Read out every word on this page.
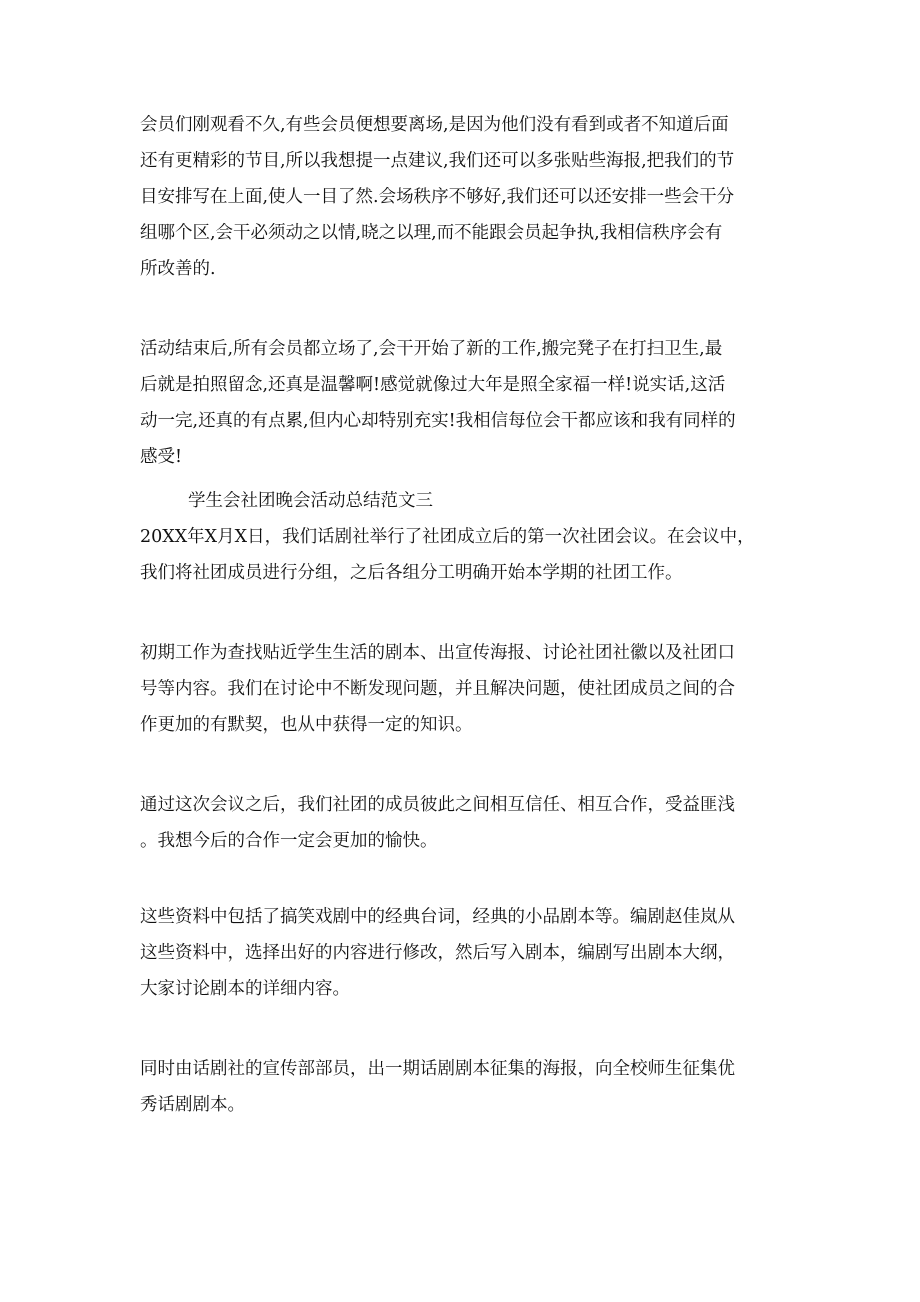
会员们刚观看不久,有些会员便想要离场,是因为他们没有看到或者不知道后面
还有更精彩的节目,所以我想提一点建议,我们还可以多张贴些海报,把我们的节
目安排写在上面,使人一目了然.会场秩序不够好,我们还可以还安排一些会干分
组哪个区,会干必须动之以情,晓之以理,而不能跟会员起争执,我相信秩序会有
所改善的.
活动结束后,所有会员都立场了,会干开始了新的工作,搬完凳子在打扫卫生,最
后就是拍照留念,还真是温馨啊!感觉就像过大年是照全家福一样!说实话,这活
动一完,还真的有点累,但内心却特别充实!我相信每位会干都应该和我有同样的
感受!
学生会社团晚会活动总结范文三
20XX年X月X日，我们话剧社举行了社团成立后的第一次社团会议。在会议中，
我们将社团成员进行分组，之后各组分工明确开始本学期的社团工作。
初期工作为查找贴近学生生活的剧本、出宣传海报、讨论社团社徽以及社团口
号等内容。我们在讨论中不断发现问题，并且解决问题，使社团成员之间的合
作更加的有默契，也从中获得一定的知识。
通过这次会议之后，我们社团的成员彼此之间相互信任、相互合作，受益匪浅
。我想今后的合作一定会更加的愉快。
这些资料中包括了搞笑戏剧中的经典台词，经典的小品剧本等。编剧赵佳岚从
这些资料中，选择出好的内容进行修改，然后写入剧本，编剧写出剧本大纲，
大家讨论剧本的详细内容。
同时由话剧社的宣传部部员，出一期话剧剧本征集的海报，向全校师生征集优
秀话剧剧本。
